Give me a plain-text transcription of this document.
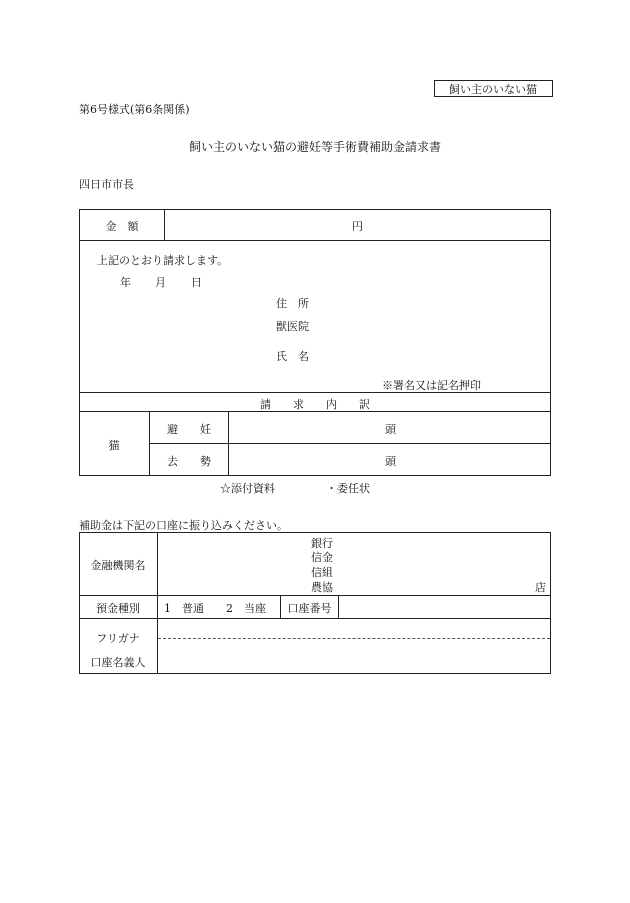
飼い主のいない猫
第6号様式(第6条関係)
飼い主のいない猫の避妊等手術費補助金請求書
四日市市長
金　額	円
上記のとおり請求します。
年 月 日
住　所
獣医院
氏　名
※署名又は記名押印
請　　求　　内　　訳
猫
避　　妊	頭
去　　勢	頭
☆添付資料	・委任状
補助金は下記の口座に振り込みください。
金融機関名
銀行
信金
信組
農協	店
預金種別	1　普通　　2　当座	口座番号
フリガナ
口座名義人
